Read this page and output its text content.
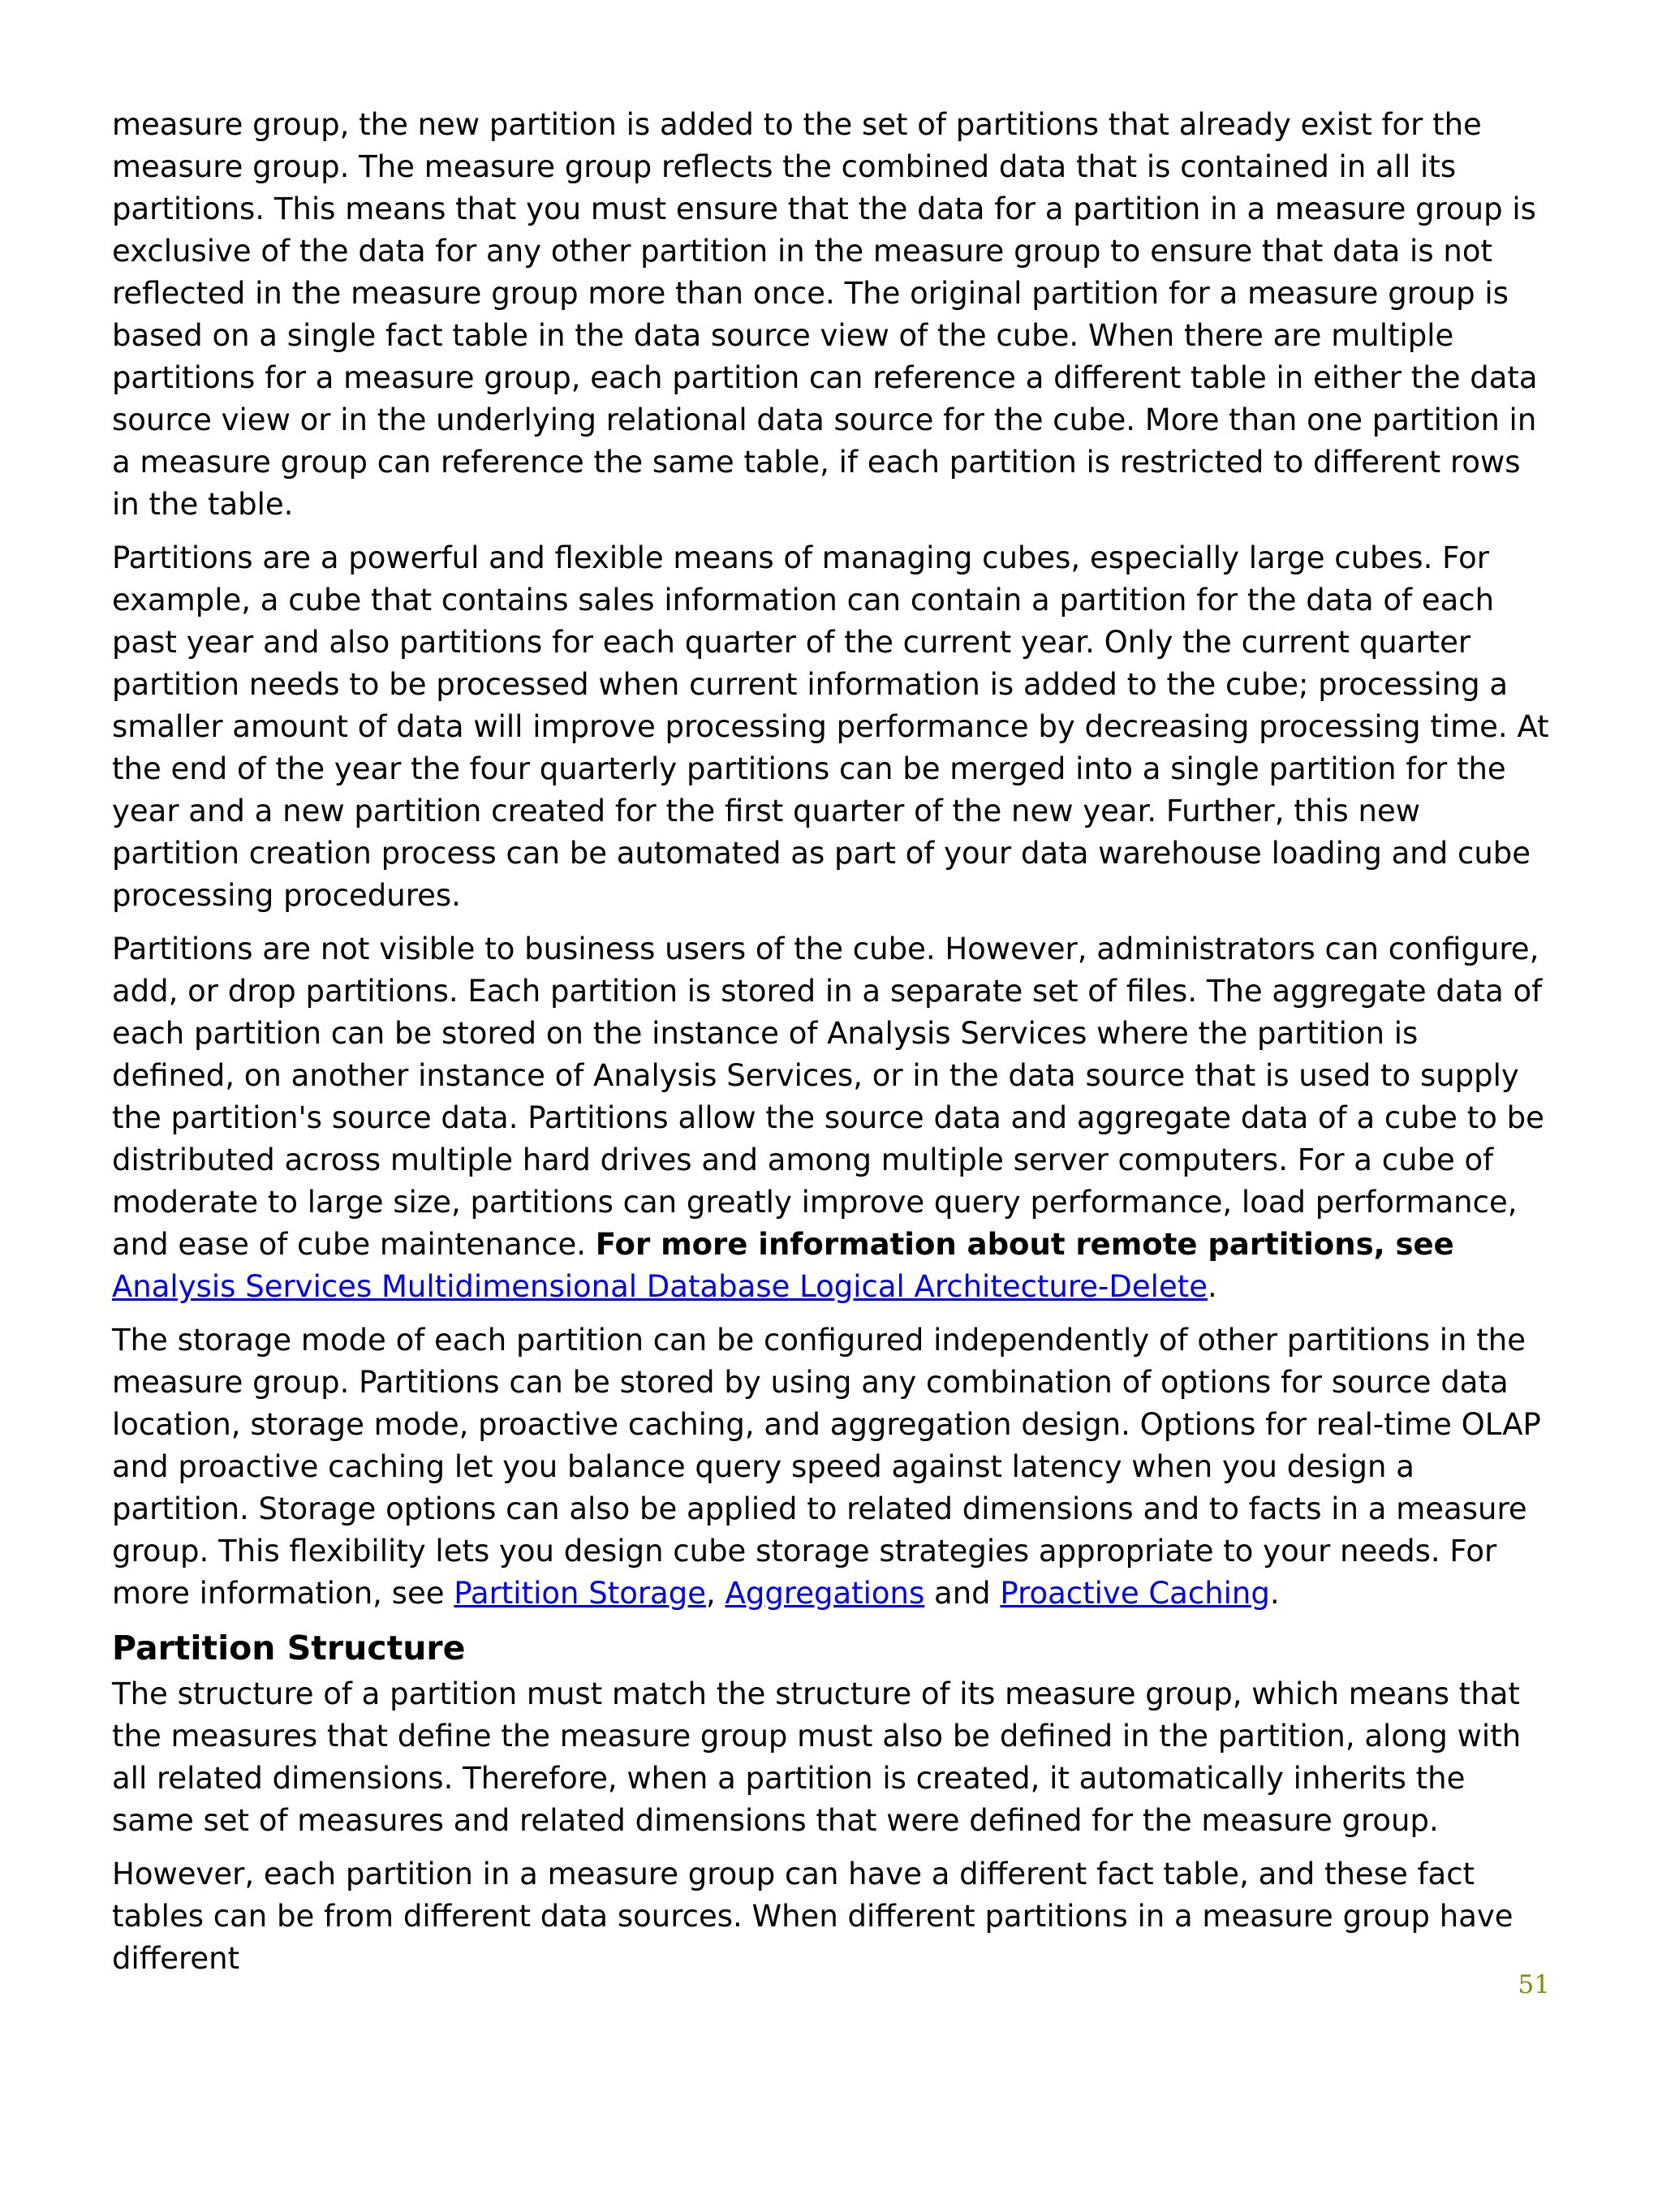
measure group, the new partition is added to the set of partitions that already exist for the measure group. The measure group reflects the combined data that is contained in all its partitions. This means that you must ensure that the data for a partition in a measure group is exclusive of the data for any other partition in the measure group to ensure that data is not reflected in the measure group more than once. The original partition for a measure group is based on a single fact table in the data source view of the cube. When there are multiple partitions for a measure group, each partition can reference a different table in either the data source view or in the underlying relational data source for the cube. More than one partition in a measure group can reference the same table, if each partition is restricted to different rows in the table.

Partitions are a powerful and flexible means of managing cubes, especially large cubes. For example, a cube that contains sales information can contain a partition for the data of each past year and also partitions for each quarter of the current year. Only the current quarter partition needs to be processed when current information is added to the cube; processing a smaller amount of data will improve processing performance by decreasing processing time. At the end of the year the four quarterly partitions can be merged into a single partition for the year and a new partition created for the first quarter of the new year. Further, this new partition creation process can be automated as part of your data warehouse loading and cube processing procedures.

Partitions are not visible to business users of the cube. However, administrators can configure, add, or drop partitions. Each partition is stored in a separate set of files. The aggregate data of each partition can be stored on the instance of Analysis Services where the partition is defined, on another instance of Analysis Services, or in the data source that is used to supply the partition's source data. Partitions allow the source data and aggregate data of a cube to be distributed across multiple hard drives and among multiple server computers. For a cube of moderate to large size, partitions can greatly improve query performance, load performance, and ease of cube maintenance. For more information about remote partitions, see Analysis Services Multidimensional Database Logical Architecture-Delete.

The storage mode of each partition can be configured independently of other partitions in the measure group. Partitions can be stored by using any combination of options for source data location, storage mode, proactive caching, and aggregation design. Options for real-time OLAP and proactive caching let you balance query speed against latency when you design a partition. Storage options can also be applied to related dimensions and to facts in a measure group. This flexibility lets you design cube storage strategies appropriate to your needs. For more information, see Partition Storage, Aggregations and Proactive Caching.

Partition Structure

The structure of a partition must match the structure of its measure group, which means that the measures that define the measure group must also be defined in the partition, along with all related dimensions. Therefore, when a partition is created, it automatically inherits the same set of measures and related dimensions that were defined for the measure group.

However, each partition in a measure group can have a different fact table, and these fact tables can be from different data sources. When different partitions in a measure group have different

51
